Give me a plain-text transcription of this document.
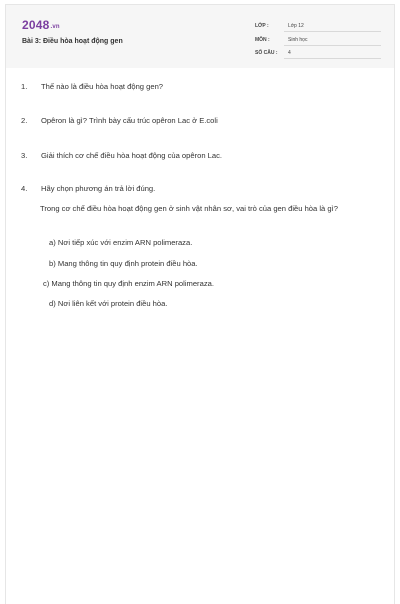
2048.vn
Bài 3: Điều hòa hoạt động gen
LỚP :	Lớp 12
MÔN :	Sinh học
SỐ CÂU : 4
1. Thế nào là điều hòa hoạt động gen?
2. Opêron là gì? Trình bày cấu trúc opêron Lac ở E.coli
3. Giải thích cơ chế điều hòa hoạt động của opêron Lac.
4. Hãy chọn phương án trả lời đúng.
Trong cơ chế điều hòa hoạt động gen ở sinh vật nhân sơ, vai trò của gen điều hòa là gì?
a) Nơi tiếp xúc với enzim ARN polimeraza.
b) Mang thông tin quy định protein điều hòa.
c) Mang thông tin quy định enzim ARN polimeraza.
d) Nơi liên kết với protein điều hòa.
